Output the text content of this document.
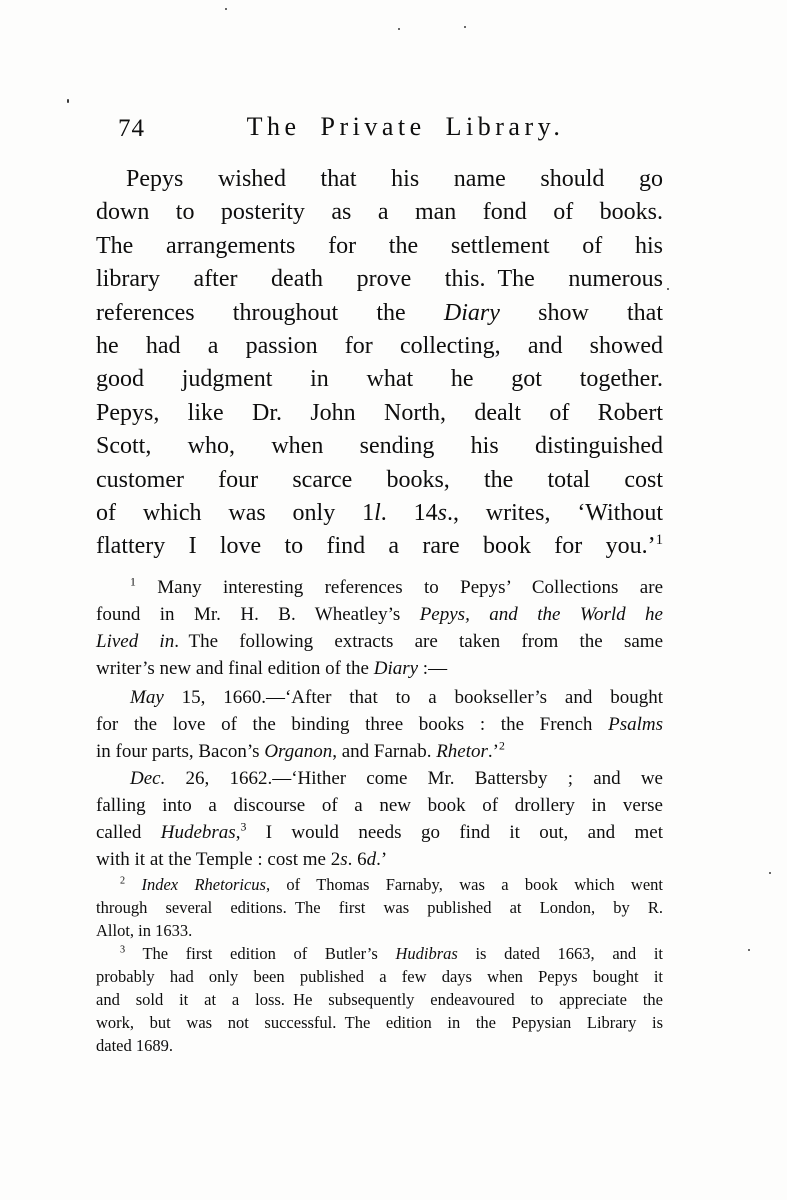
74	The Private Library.
Pepys wished that his name should go
down to posterity as a man fond of books.
The arrangements for the settlement of his
library after death prove this. The numerous
references throughout the Diary show that
he had a passion for collecting, and showed
good judgment in what he got together.
Pepys, like Dr. John North, dealt of Robert
Scott, who, when sending his distinguished
customer four scarce books, the total cost
of which was only 1l. 14s., writes, ‘Without
flattery I love to find a rare book for you.’$^1$
$^1$ Many interesting references to Pepys’ Collections are
found in Mr. H. B. Wheatley’s Pepys, and the World he
Lived in. The following extracts are taken from the same
writer’s new and final edition of the Diary :—
May 15, 1660.—‘After that to a bookseller’s and bought
for the love of the binding three books : the French Psalms
in four parts, Bacon’s Organon, and Farnab. Rhetor.’$^2$
Dec. 26, 1662.—‘Hither come Mr. Battersby ; and we
falling into a discourse of a new book of drollery in verse
called Hudebras,$^3$ I would needs go find it out, and met
with it at the Temple : cost me 2s. 6d.’
$^2$ Index Rhetoricus, of Thomas Farnaby, was a book which went
through several editions. The first was published at London, by R.
Allot, in 1633.
$^3$ The first edition of Butler’s Hudibras is dated 1663, and it
probably had only been published a few days when Pepys bought it
and sold it at a loss. He subsequently endeavoured to appreciate the
work, but was not successful. The edition in the Pepysian Library is
dated 1689.
